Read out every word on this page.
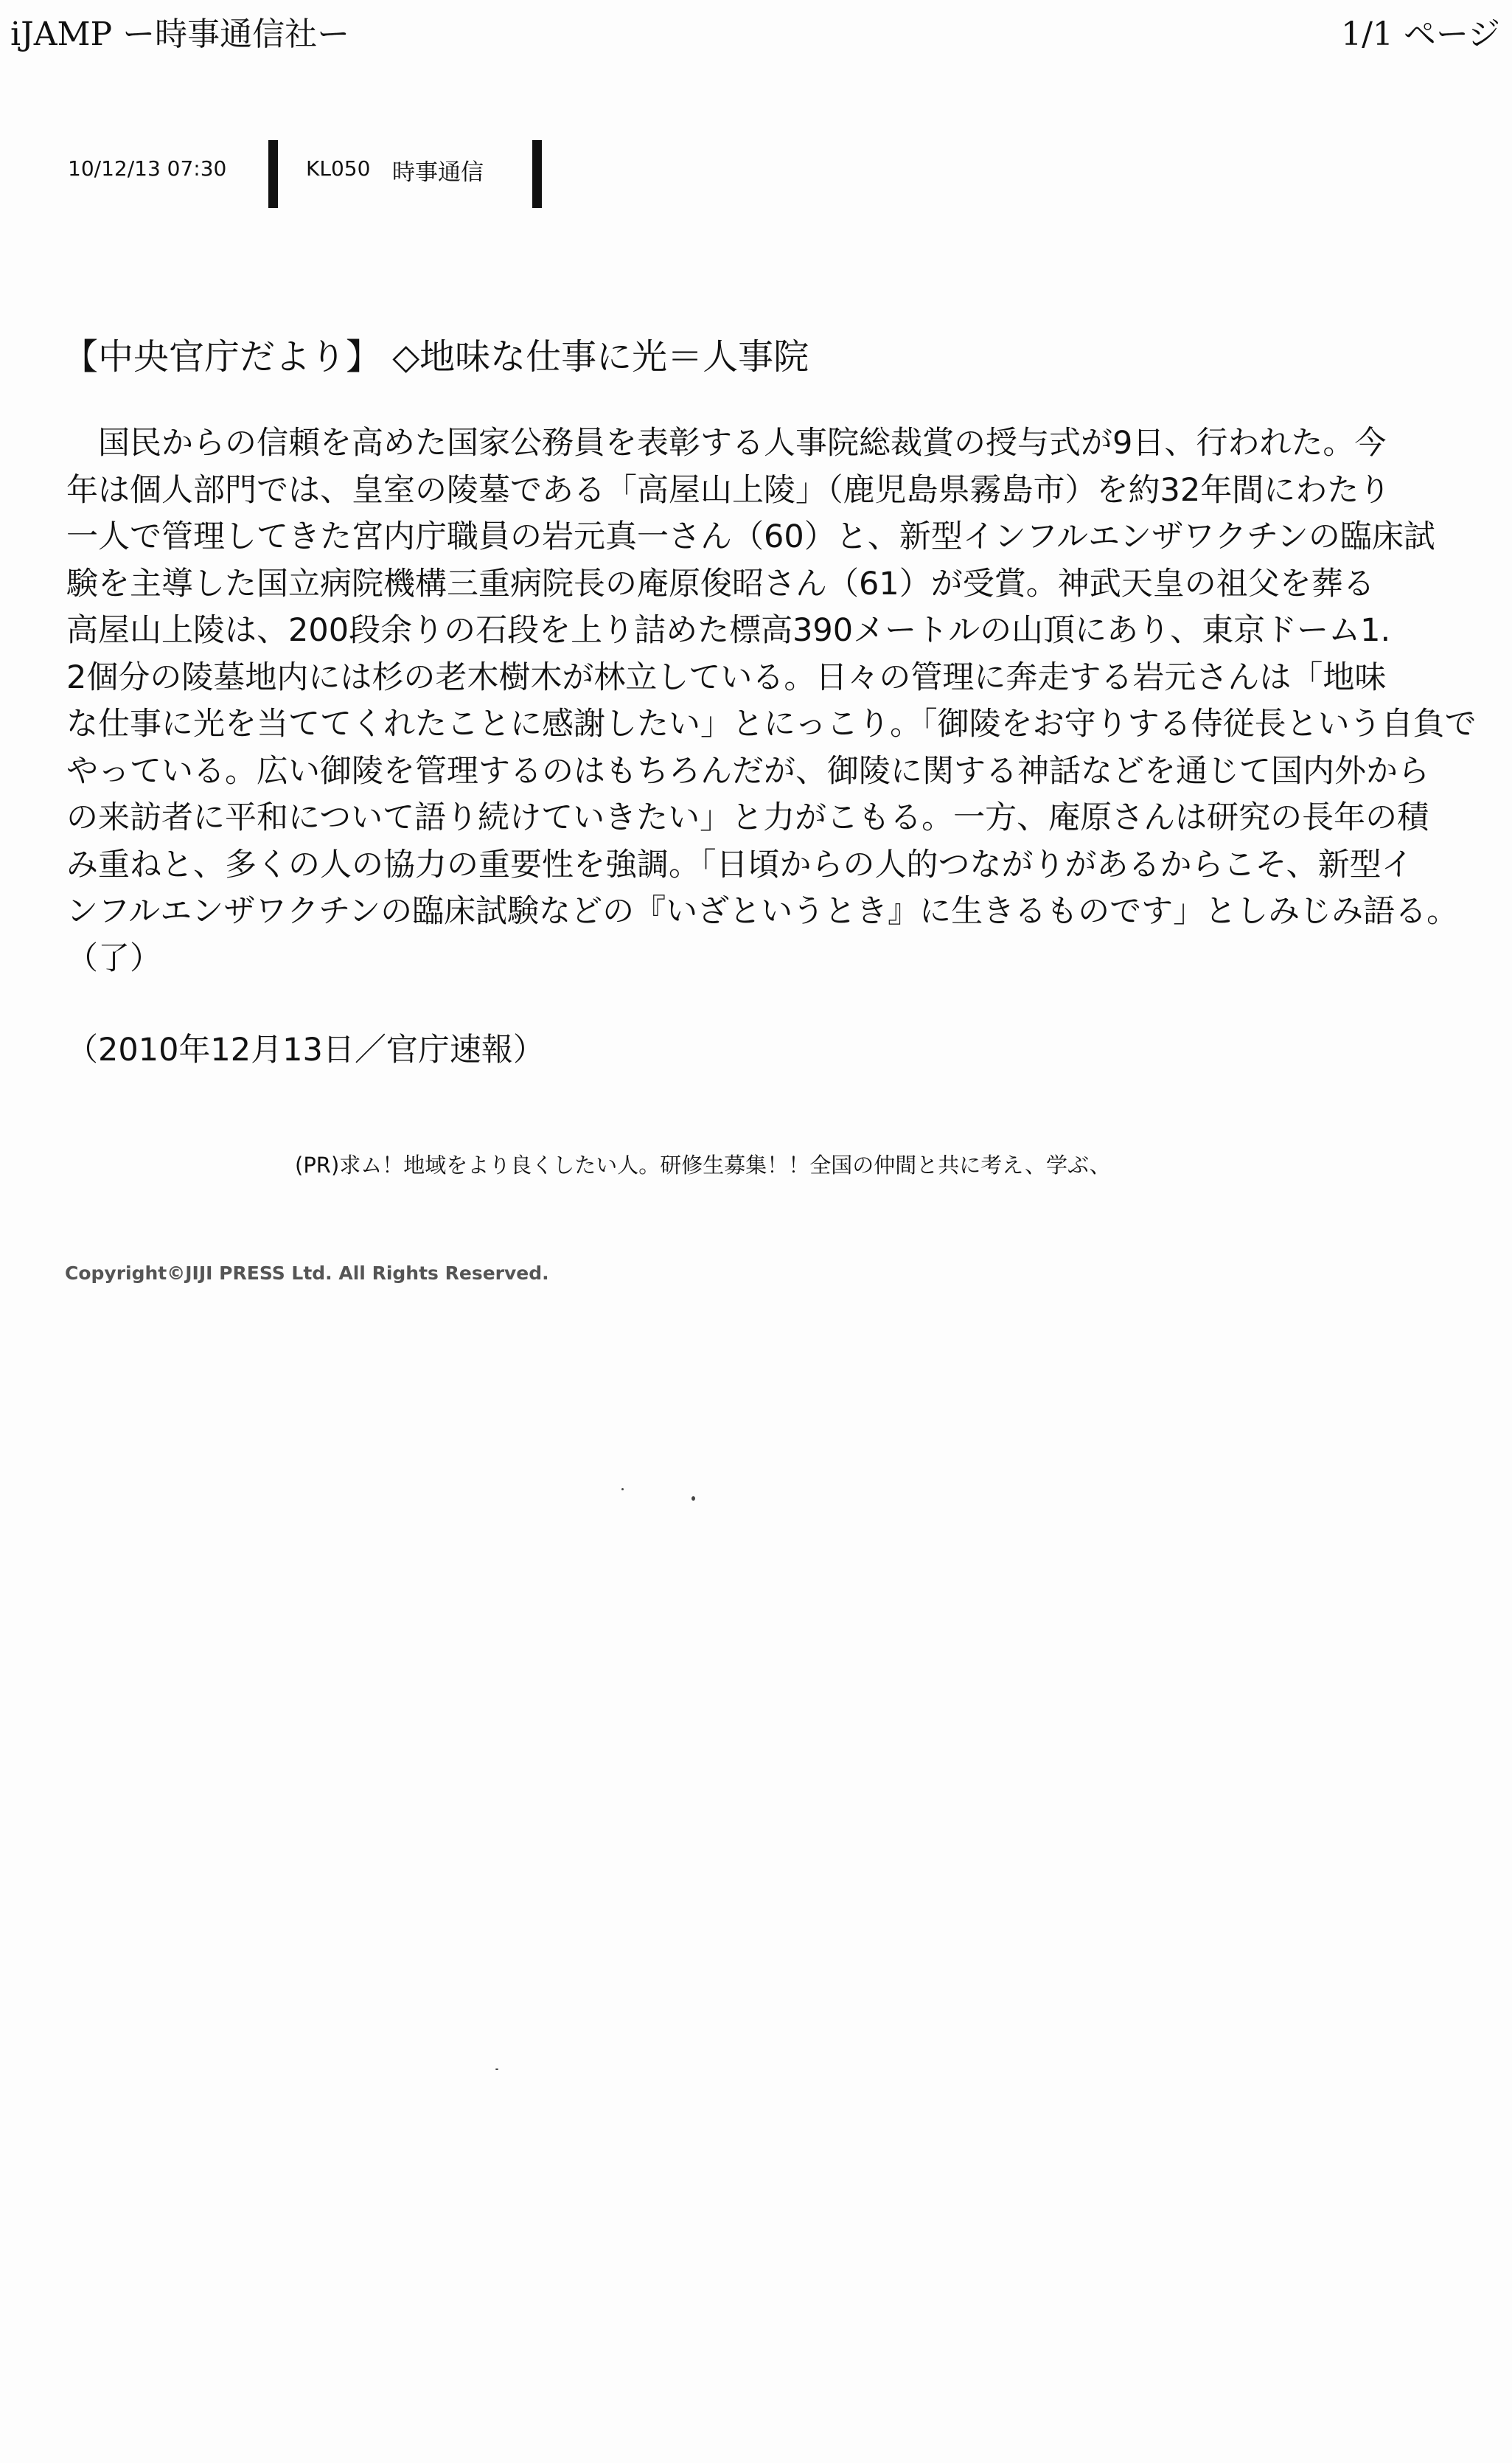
iJAMP ー時事通信社ー	1/1 ページ
10/12/13 07:30	KL050 時事通信
【中央官庁だより】 ◇地味な仕事に光＝人事院
　国民からの信頼を高めた国家公務員を表彰する人事院総裁賞の授与式が9日、行われた。今
年は個人部門では、皇室の陵墓である「高屋山上陵」（鹿児島県霧島市）を約32年間にわたり
一人で管理してきた宮内庁職員の岩元真一さん（60）と、新型インフルエンザワクチンの臨床試
験を主導した国立病院機構三重病院長の庵原俊昭さん（61）が受賞。神武天皇の祖父を葬る
高屋山上陵は、200段余りの石段を上り詰めた標高390メートルの山頂にあり、東京ドーム1.
2個分の陵墓地内には杉の老木樹木が林立している。日々の管理に奔走する岩元さんは「地味
な仕事に光を当ててくれたことに感謝したい」とにっこり。「御陵をお守りする侍従長という自負で
やっている。広い御陵を管理するのはもちろんだが、御陵に関する神話などを通じて国内外から
の来訪者に平和について語り続けていきたい」と力がこもる。一方、庵原さんは研究の長年の積
み重ねと、多くの人の協力の重要性を強調。「日頃からの人的つながりがあるからこそ、新型イ
ンフルエンザワクチンの臨床試験などの『いざというとき』に生きるものです」としみじみ語る。
（了）
（2010年12月13日／官庁速報）
(PR)求ム！地域をより良くしたい人。研修生募集！！全国の仲間と共に考え、学ぶ、
Copyright©JIJI PRESS Ltd. All Rights Reserved.
